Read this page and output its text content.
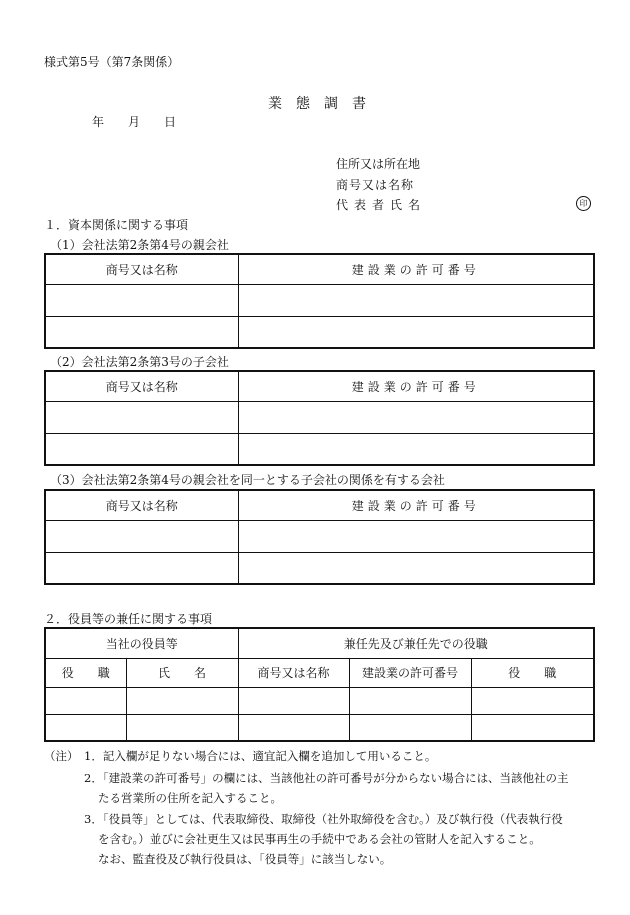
様式第5号（第7条関係）
業態調書
年 月 日
住所又は所在地
商号又は名称
代表者氏名	印
１．資本関係に関する事項
（1）会社法第2条第4号の親会社
商号又は名称	建設業の許可番号

（2）会社法第2条第3号の子会社
商号又は名称	建設業の許可番号

（3）会社法第2条第4号の親会社を同一とする子会社の関係を有する会社
商号又は名称	建設業の許可番号

２．役員等の兼任に関する事項
当社の役員等		兼任先及び兼任先での役職		
役　　職	氏　　名	商号又は名称	建設業の許可番号	役　　職

（注） 1．記入欄が足りない場合には、適宜記入欄を追加して用いること。
2．「建設業の許可番号」の欄には、当該他社の許可番号が分からない場合には、当該他社の主
たる営業所の住所を記入すること。
3．「役員等」としては、代表取締役、取締役（社外取締役を含む。）及び執行役（代表執行役
を含む。）並びに会社更生又は民事再生の手続中である会社の管財人を記入すること。
なお、監査役及び執行役員は、「役員等」に該当しない。
